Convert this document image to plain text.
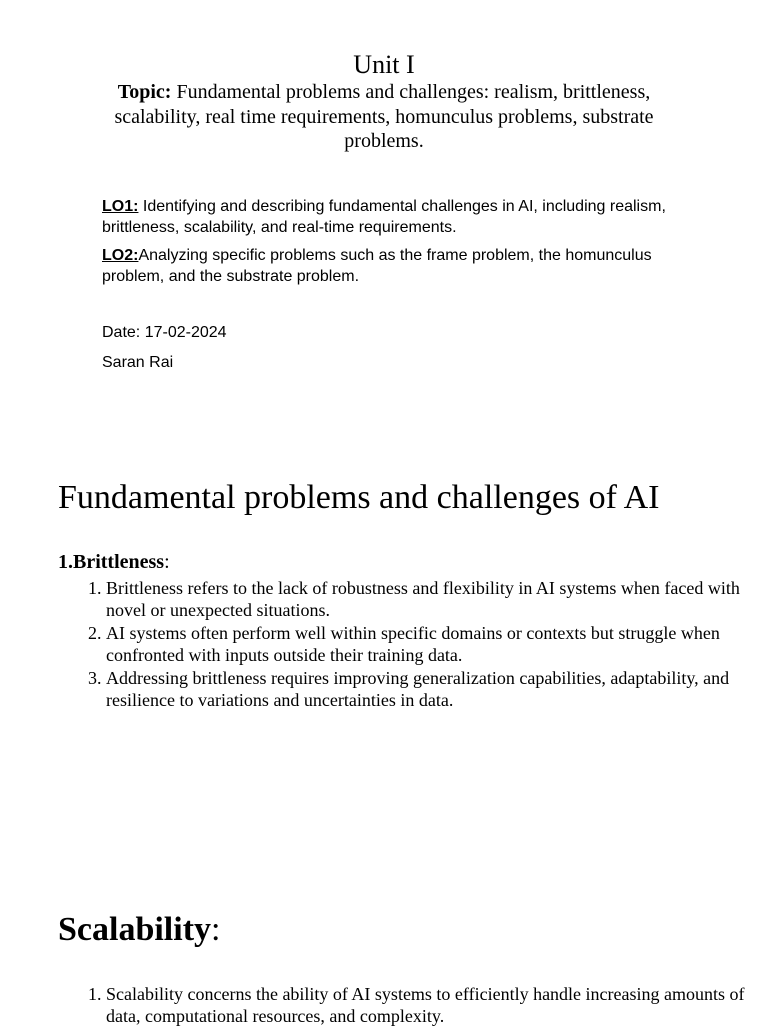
Unit I
Topic: Fundamental problems and challenges: realism, brittleness, scalability, real time requirements, homunculus problems, substrate problems.
LO1: Identifying and describing fundamental challenges in AI, including realism, brittleness, scalability, and real-time requirements.
LO2:Analyzing specific problems such as the frame problem, the homunculus problem, and the substrate problem.
Date: 17-02-2024
Saran Rai
Fundamental problems and challenges of AI
1.Brittleness:
1. Brittleness refers to the lack of robustness and flexibility in AI systems when faced with novel or unexpected situations.
2. AI systems often perform well within specific domains or contexts but struggle when confronted with inputs outside their training data.
3. Addressing brittleness requires improving generalization capabilities, adaptability, and resilience to variations and uncertainties in data.
Scalability:
1. Scalability concerns the ability of AI systems to efficiently handle increasing amounts of data, computational resources, and complexity.
